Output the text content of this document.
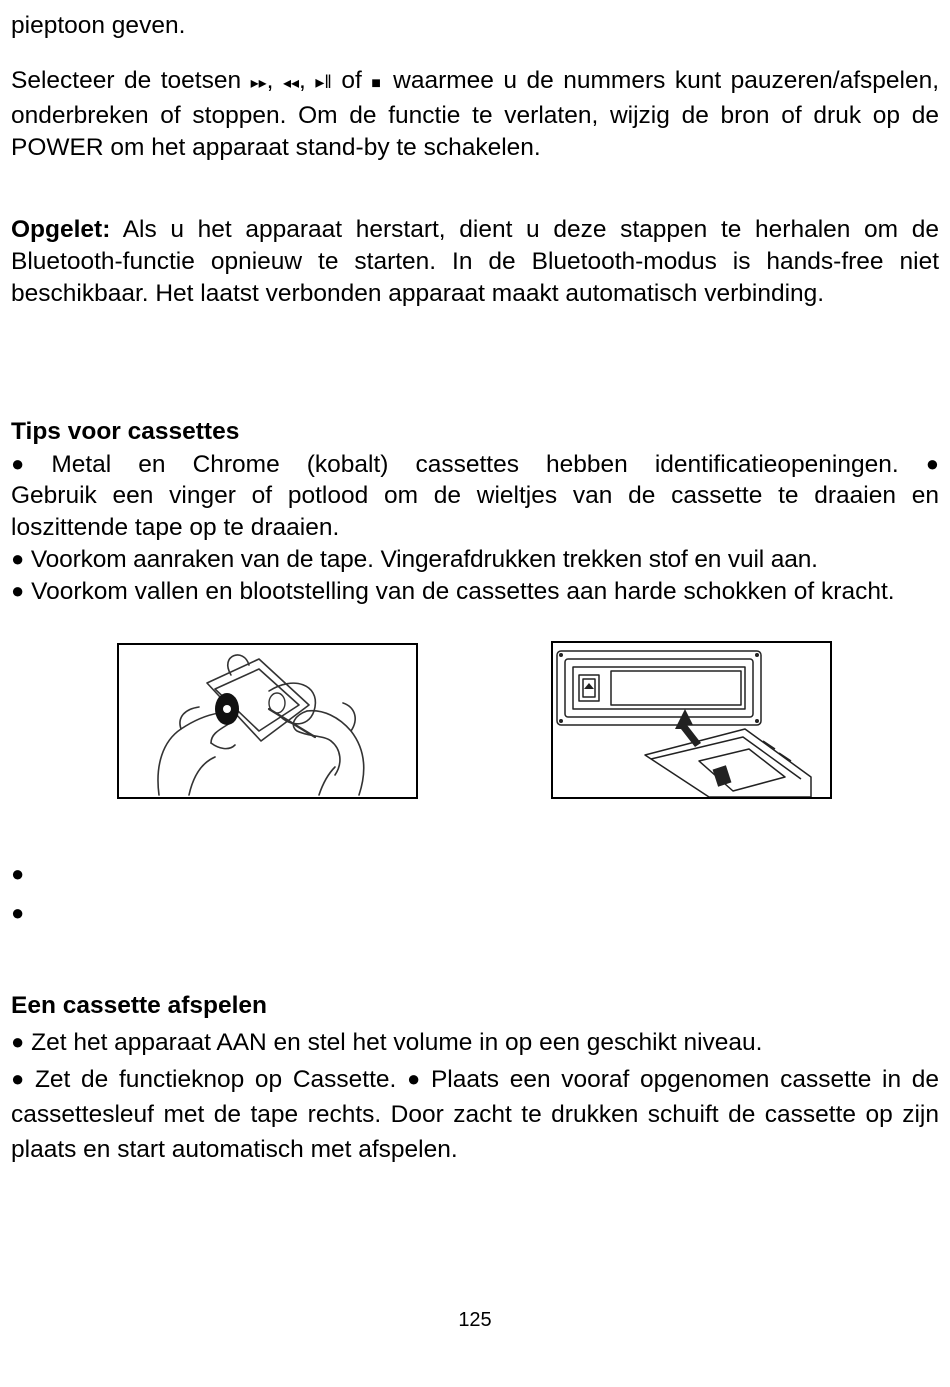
pieptoon geven.

Selecteer de toetsen ▸▸, ◂◂, ▸‖ of ■ waarmee u de nummers kunt pauzeren/afspelen, onderbreken of stoppen. Om de functie te verlaten, wijzig de bron of druk op de POWER om het apparaat stand-by te schakelen.

Opgelet: Als u het apparaat herstart, dient u deze stappen te herhalen om de Bluetooth-functie opnieuw te starten. In de Bluetooth-modus is hands-free niet beschikbaar. Het laatst verbonden apparaat maakt automatisch verbinding.

Tips voor cassettes

● Metal en Chrome (kobalt) cassettes hebben identificatieopeningen. ●

Gebruik een vinger of potlood om de wieltjes van de cassette te draaien en loszittende tape op te draaien.

● Voorkom aanraken van de tape. Vingerafdrukken trekken stof en vuil aan.

● Voorkom vallen en blootstelling van de cassettes aan harde schokken of kracht.

●

●

Een cassette afspelen

● Zet het apparaat AAN en stel het volume in op een geschikt niveau.

● Zet de functieknop op Cassette. ● Plaats een vooraf opgenomen cassette in de cassettesleuf met de tape rechts. Door zacht te drukken schuift de cassette op zijn plaats en start automatisch met afspelen.

125
